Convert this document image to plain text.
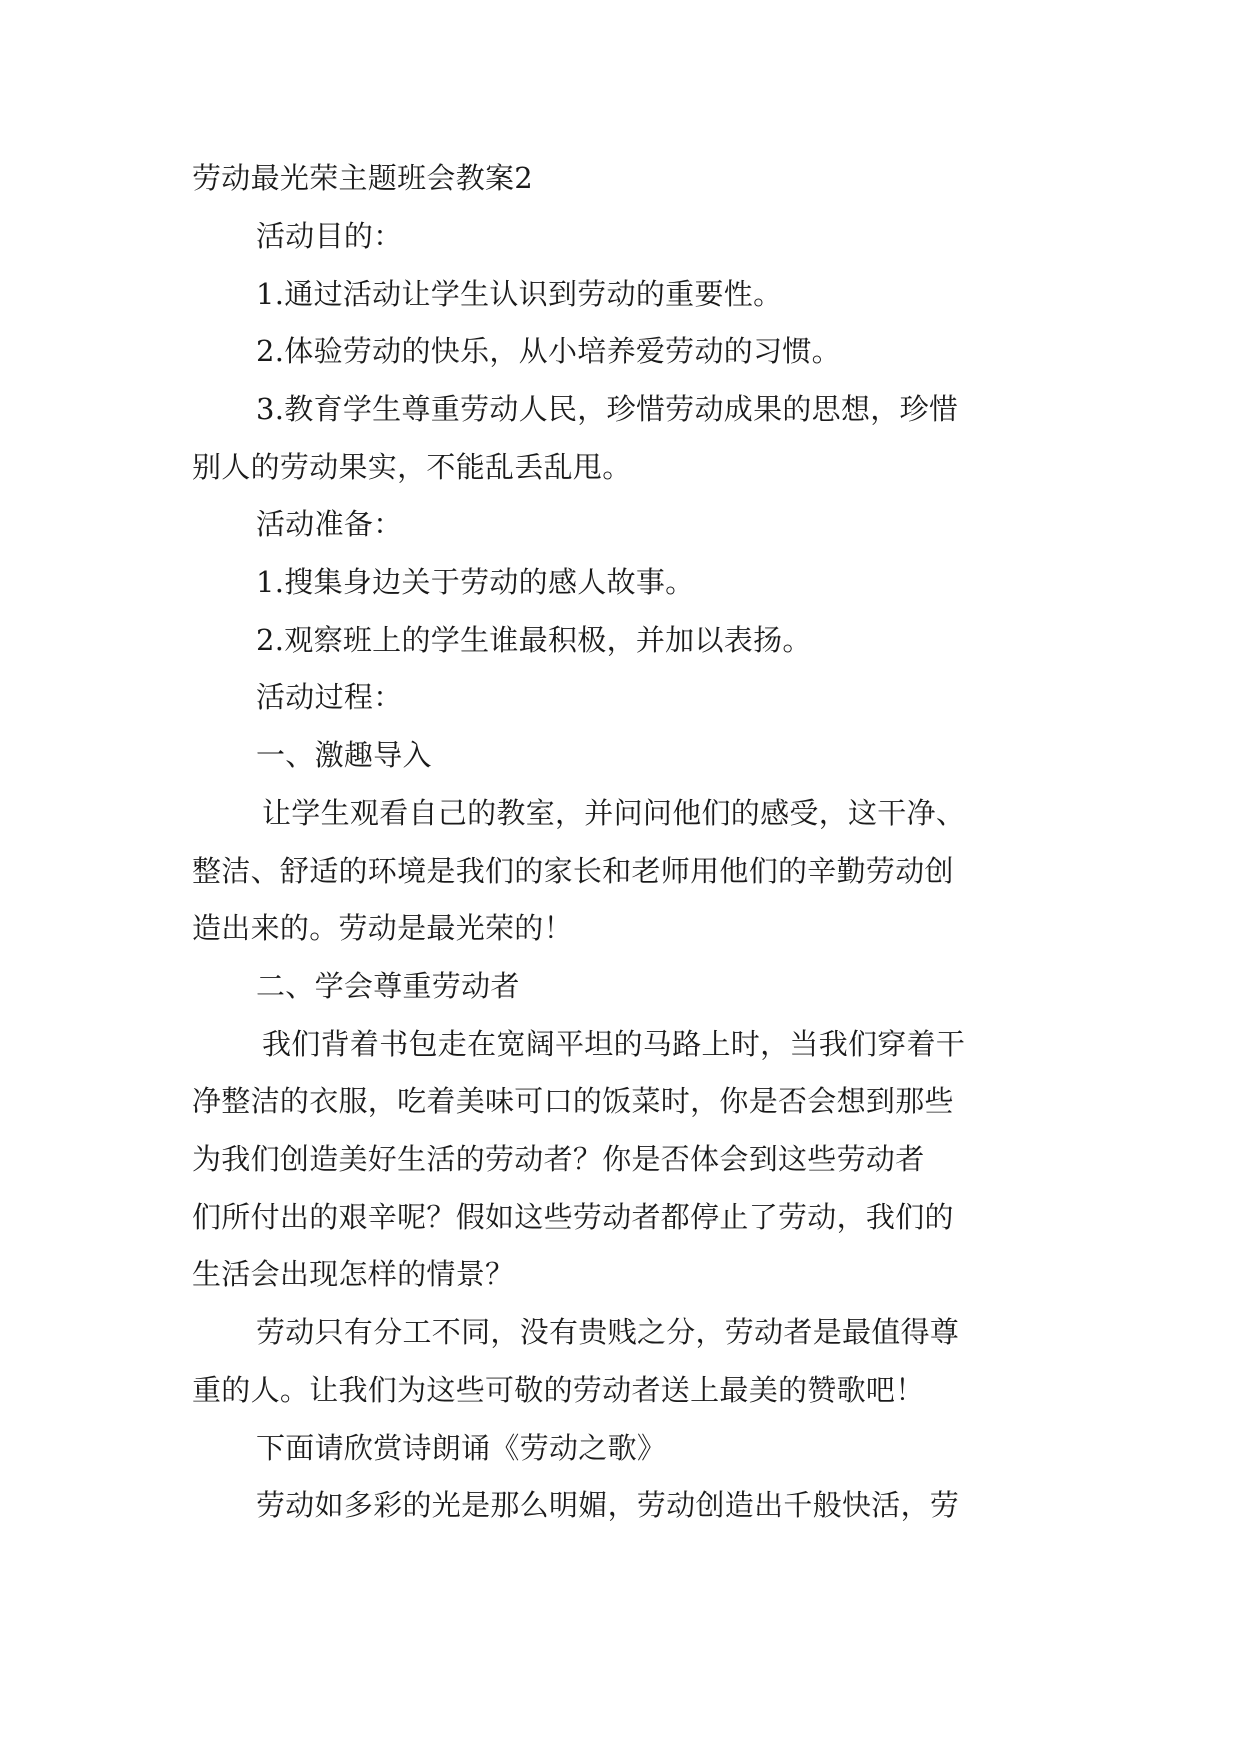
劳动最光荣主题班会教案2
活动目的：
1.通过活动让学生认识到劳动的重要性。
2.体验劳动的快乐，从小培养爱劳动的习惯。
3.教育学生尊重劳动人民，珍惜劳动成果的思想，珍惜
别人的劳动果实，不能乱丢乱甩。
活动准备：
1.搜集身边关于劳动的感人故事。
2.观察班上的学生谁最积极，并加以表扬。
活动过程：
一、激趣导入
让学生观看自己的教室，并问问他们的感受，这干净、
整洁、舒适的环境是我们的家长和老师用他们的辛勤劳动创
造出来的。劳动是最光荣的！
二、学会尊重劳动者
我们背着书包走在宽阔平坦的马路上时，当我们穿着干
净整洁的衣服，吃着美味可口的饭菜时，你是否会想到那些
为我们创造美好生活的劳动者？你是否体会到这些劳动者
们所付出的艰辛呢？假如这些劳动者都停止了劳动，我们的
生活会出现怎样的情景？
劳动只有分工不同，没有贵贱之分，劳动者是最值得尊
重的人。让我们为这些可敬的劳动者送上最美的赞歌吧！
下面请欣赏诗朗诵《劳动之歌》
劳动如多彩的光是那么明媚，劳动创造出千般快活，劳
